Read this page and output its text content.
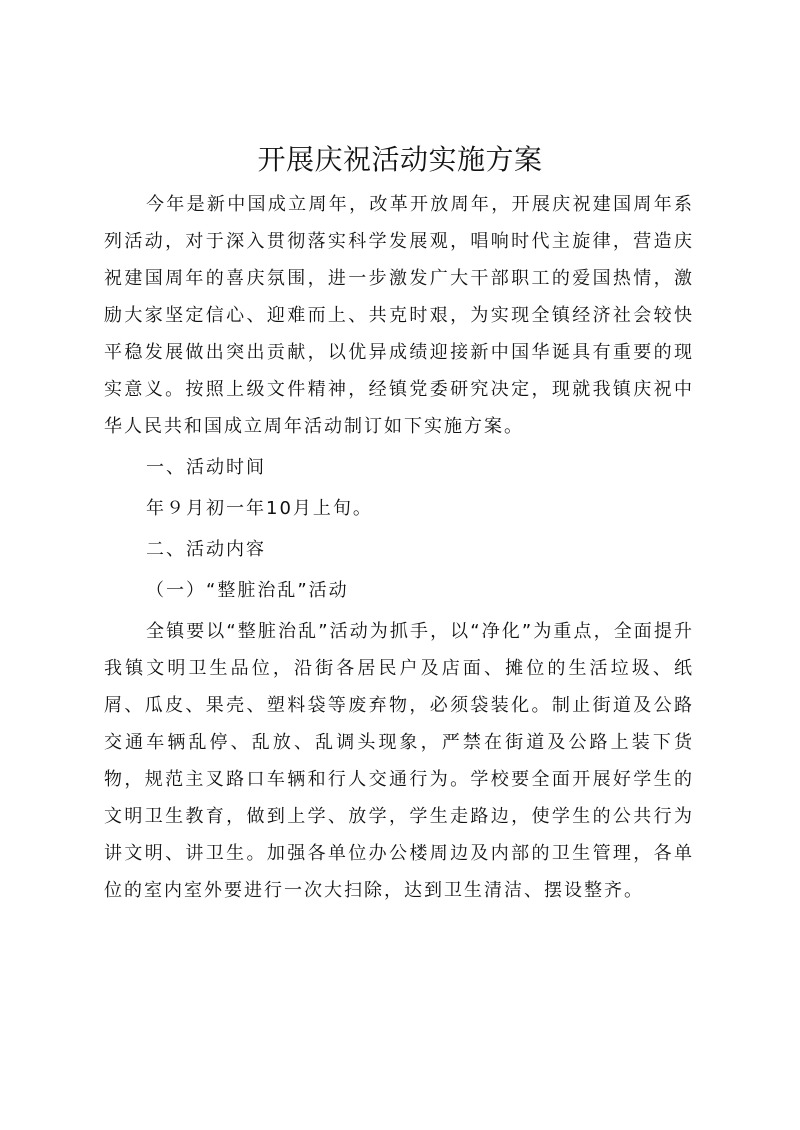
开展庆祝活动实施方案

今年是新中国成立周年，改革开放周年，开展庆祝建国周年系列活动，对于深入贯彻落实科学发展观，唱响时代主旋律，营造庆祝建国周年的喜庆氛围，进一步激发广大干部职工的爱国热情，激励大家坚定信心、迎难而上、共克时艰，为实现全镇经济社会较快平稳发展做出突出贡献，以优异成绩迎接新中国华诞具有重要的现实意义。按照上级文件精神，经镇党委研究决定，现就我镇庆祝中华人民共和国成立周年活动制订如下实施方案。

一、活动时间

年９月初一年10月上旬。

二、活动内容

（一）“整脏治乱”活动

全镇要以“整脏治乱”活动为抓手，以“净化”为重点，全面提升我镇文明卫生品位，沿街各居民户及店面、摊位的生活垃圾、纸屑、瓜皮、果壳、塑料袋等废弃物，必须袋装化。制止街道及公路交通车辆乱停、乱放、乱调头现象，严禁在街道及公路上装下货物，规范主叉路口车辆和行人交通行为。学校要全面开展好学生的文明卫生教育，做到上学、放学，学生走路边，使学生的公共行为讲文明、讲卫生。加强各单位办公楼周边及内部的卫生管理，各单位的室内室外要进行一次大扫除，达到卫生清洁、摆设整齐。
